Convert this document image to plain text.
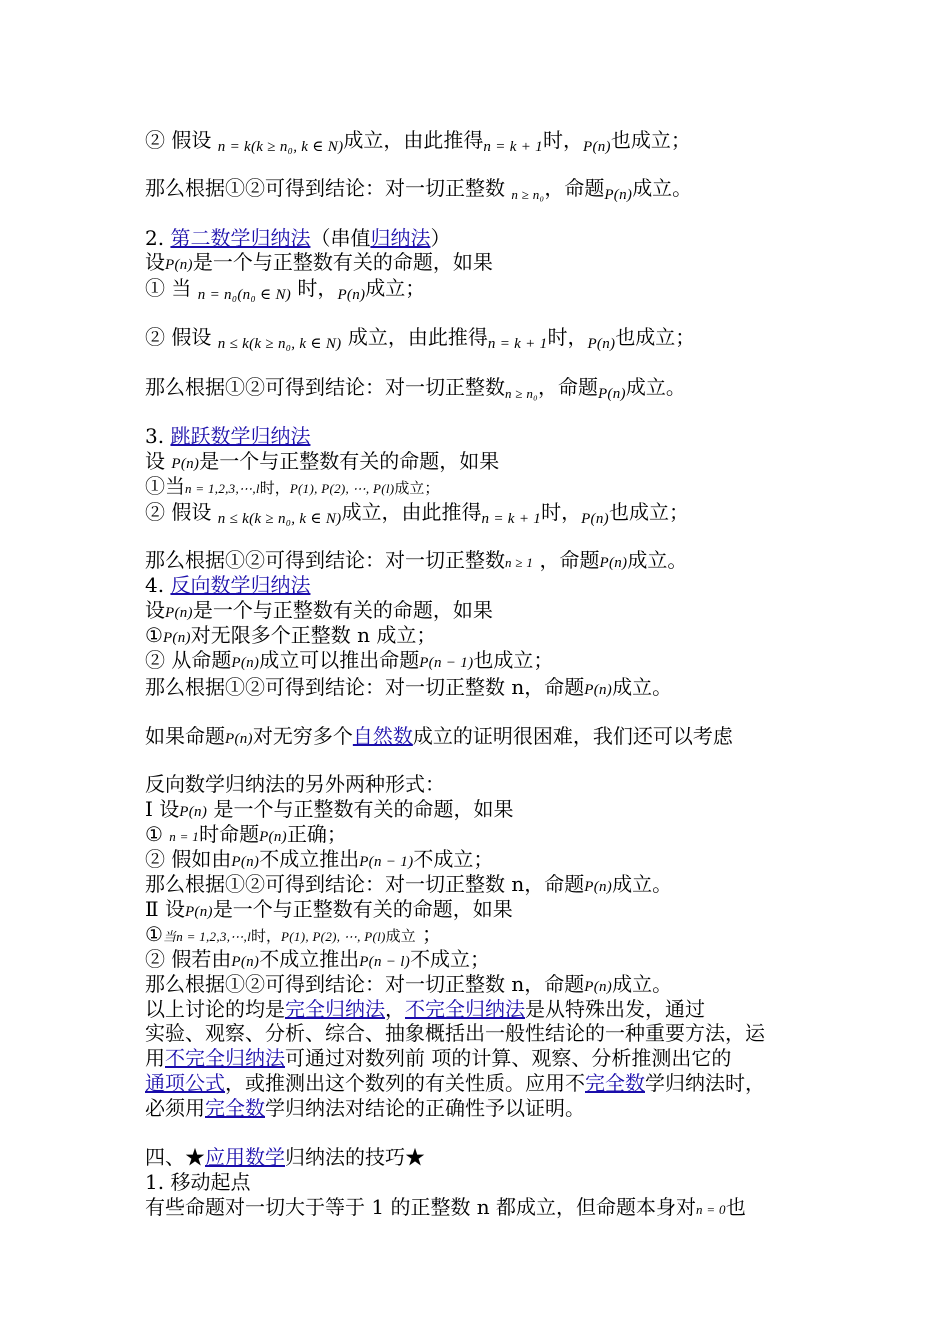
② 假设 $_{n = k(k \ge n_0, k \in N)}$成立，由此推得$_{n = k + 1}$时，$_{P(n)}$也成立；
那么根据①②可得到结论：对一切正整数 $_{n \ge n_0}$，命题$_{P(n)}$成立。
2. 第二数学归纳法（串值归纳法）
设P(n)是一个与正整数有关的命题，如果
① 当 $_{n = n_0(n_0 \in N)}$ 时，$_{P(n)}$成立；
② 假设 $_{n \le k(k \ge n_0, k \in N)}$ 成立，由此推得$_{n = k + 1}$时，$_{P(n)}$也成立；
那么根据①②可得到结论：对一切正整数$_{n \ge n_0}$，命题$_{P(n)}$成立。
3. 跳跃数学归纳法
设 P(n)是一个与正整数有关的命题，如果
①当n = 1,2,3,⋯,l时，P(1), P(2), ⋯, P(l)成立；
② 假设 $_{n \le k(k \ge n_0, k \in N)}$成立，由此推得$_{n = k + 1}$时，$_{P(n)}$也成立；
那么根据①②可得到结论：对一切正整数n ≥ 1 ，命题P(n)成立。
4. 反向数学归纳法
设P(n)是一个与正整数有关的命题，如果
①P(n)对无限多个正整数 n 成立；
② 从命题P(n)成立可以推出命题P(n − 1)也成立；
那么根据①②可得到结论：对一切正整数 n，命题P(n)成立。
如果命题P(n)对无穷多个自然数成立的证明很困难，我们还可以考虑
反向数学归纳法的另外两种形式：
Ⅰ 设P(n) 是一个与正整数有关的命题，如果
① n = 1时命题P(n)正确；
② 假如由P(n)不成立推出P(n − 1)不成立；
那么根据①②可得到结论：对一切正整数 n，命题P(n)成立。
Ⅱ 设P(n)是一个与正整数有关的命题，如果
①当n = 1,2,3,⋯,l时，P(1), P(2), ⋯, P(l)成立 ；
② 假若由P(n)不成立推出P(n − l)不成立；
那么根据①②可得到结论：对一切正整数 n，命题P(n)成立。
以上讨论的均是完全归纳法，不完全归纳法是从特殊出发，通过
实验、观察、分析、综合、抽象概括出一般性结论的一种重要方法，运
用不完全归纳法可通过对数列前 项的计算、观察、分析推测出它的
通项公式，或推测出这个数列的有关性质。应用不完全数学归纳法时，
必须用完全数学归纳法对结论的正确性予以证明。
四、★应用数学归纳法的技巧★
1. 移动起点
有些命题对一切大于等于 1 的正整数 n 都成立，但命题本身对n = 0也
